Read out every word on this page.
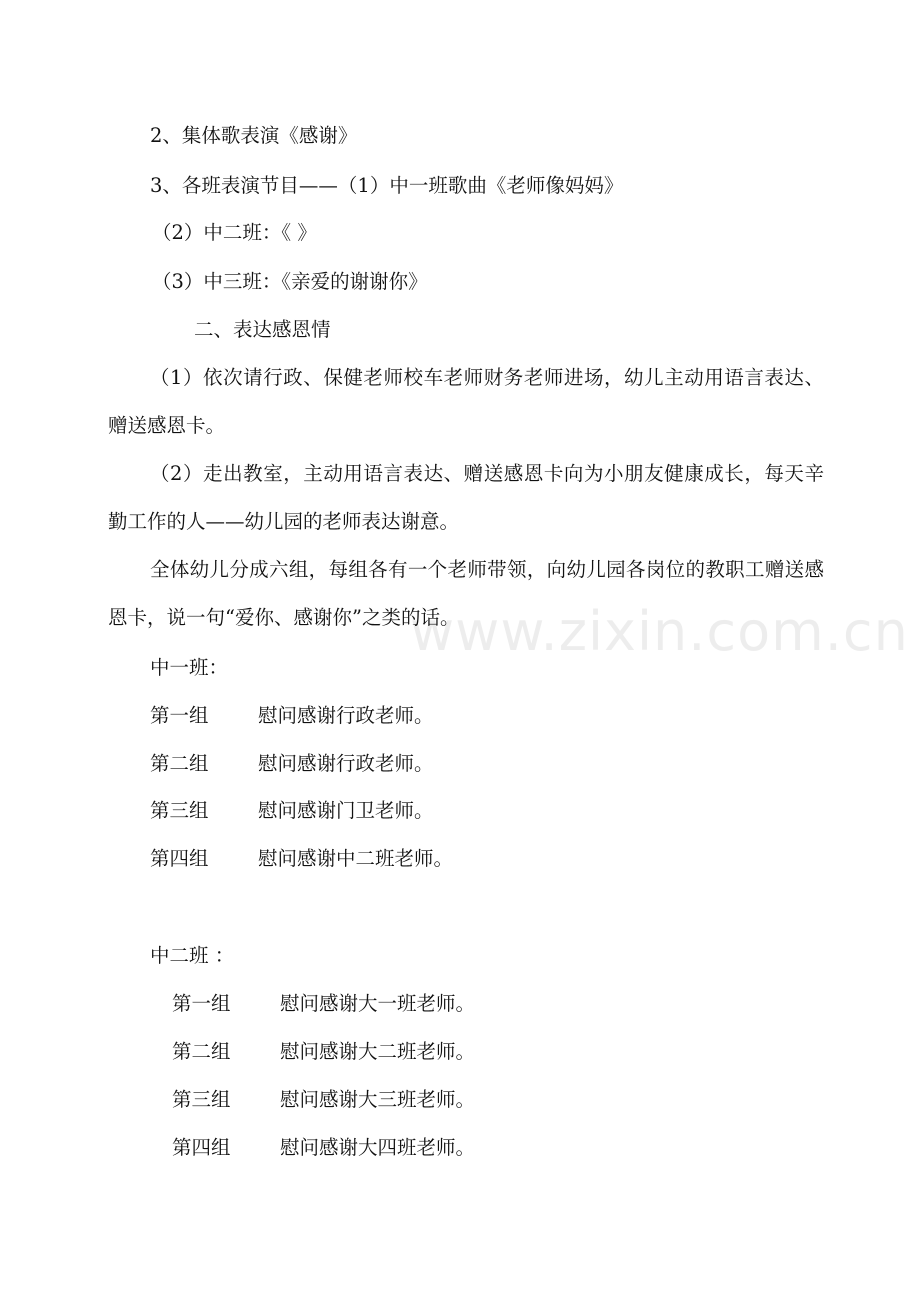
2、集体歌表演《感谢》
3、各班表演节目——（1）中一班歌曲《老师像妈妈》
（2）中二班：《 》
（3）中三班：《亲爱的谢谢你》
二、表达感恩情
（1）依次请行政、保健老师校车老师财务老师进场，幼儿主动用语言表达、赠送感恩卡。
（2）走出教室，主动用语言表达、赠送感恩卡向为小朋友健康成长，每天辛勤工作的人——幼儿园的老师表达谢意。
全体幼儿分成六组，每组各有一个老师带领，向幼儿园各岗位的教职工赠送感恩卡，说一句“爱你、感谢你”之类的话。
中一班：
第一组	慰问感谢行政老师。
第二组	慰问感谢行政老师。
第三组	慰问感谢门卫老师。
第四组	慰问感谢中二班老师。
中二班 ：
第一组	慰问感谢大一班老师。
第二组	慰问感谢大二班老师。
第三组	慰问感谢大三班老师。
第四组	慰问感谢大四班老师。
www.zixin.com.cn
